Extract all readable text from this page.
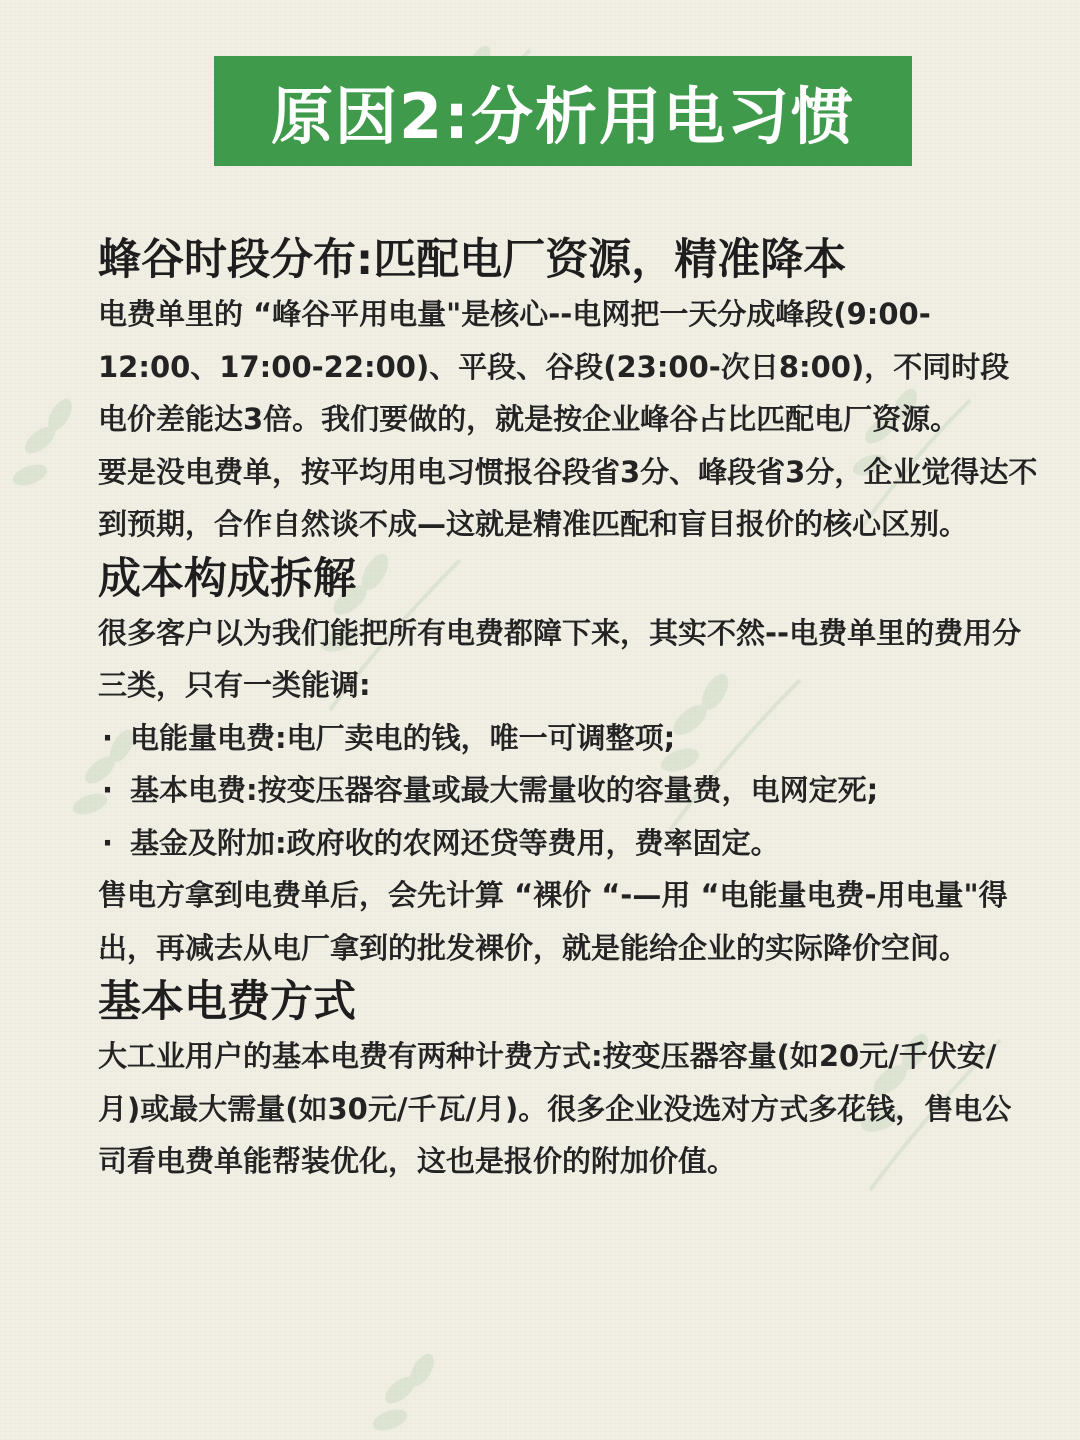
原因2:分析用电习惯
蜂谷时段分布:匹配电厂资源，精准降本

电费单里的 “峰谷平用电量"是核心--电网把一天分成峰段(9:00-12:00、17:00-22:00)、平段、谷段(23:00-次日8:00)，不同时段电价差能达3倍。我们要做的，就是按企业峰谷占比匹配电厂资源。

要是没电费单，按平均用电习惯报谷段省3分、峰段省3分，企业觉得达不到预期，合作自然谈不成—这就是精准匹配和盲目报价的核心区别。

成本构成拆解

很多客户以为我们能把所有电费都障下来，其实不然--电费单里的费用分三类，只有一类能调:

· 电能量电费:电厂卖电的钱，唯一可调整项;

· 基本电费:按变压器容量或最大需量收的容量费，电网定死;

· 基金及附加:政府收的农网还贷等费用，费率固定。

售电方拿到电费单后，会先计算 “裸价 “-—用 “电能量电费-用电量"得出，再减去从电厂拿到的批发裸价，就是能给企业的实际降价空间。

基本电费方式

大工业用户的基本电费有两种计费方式:按变压器容量(如20元/千伏安/月)或最大需量(如30元/千瓦/月)。很多企业没选对方式多花钱，售电公司看电费单能帮装优化，这也是报价的附加价值。
